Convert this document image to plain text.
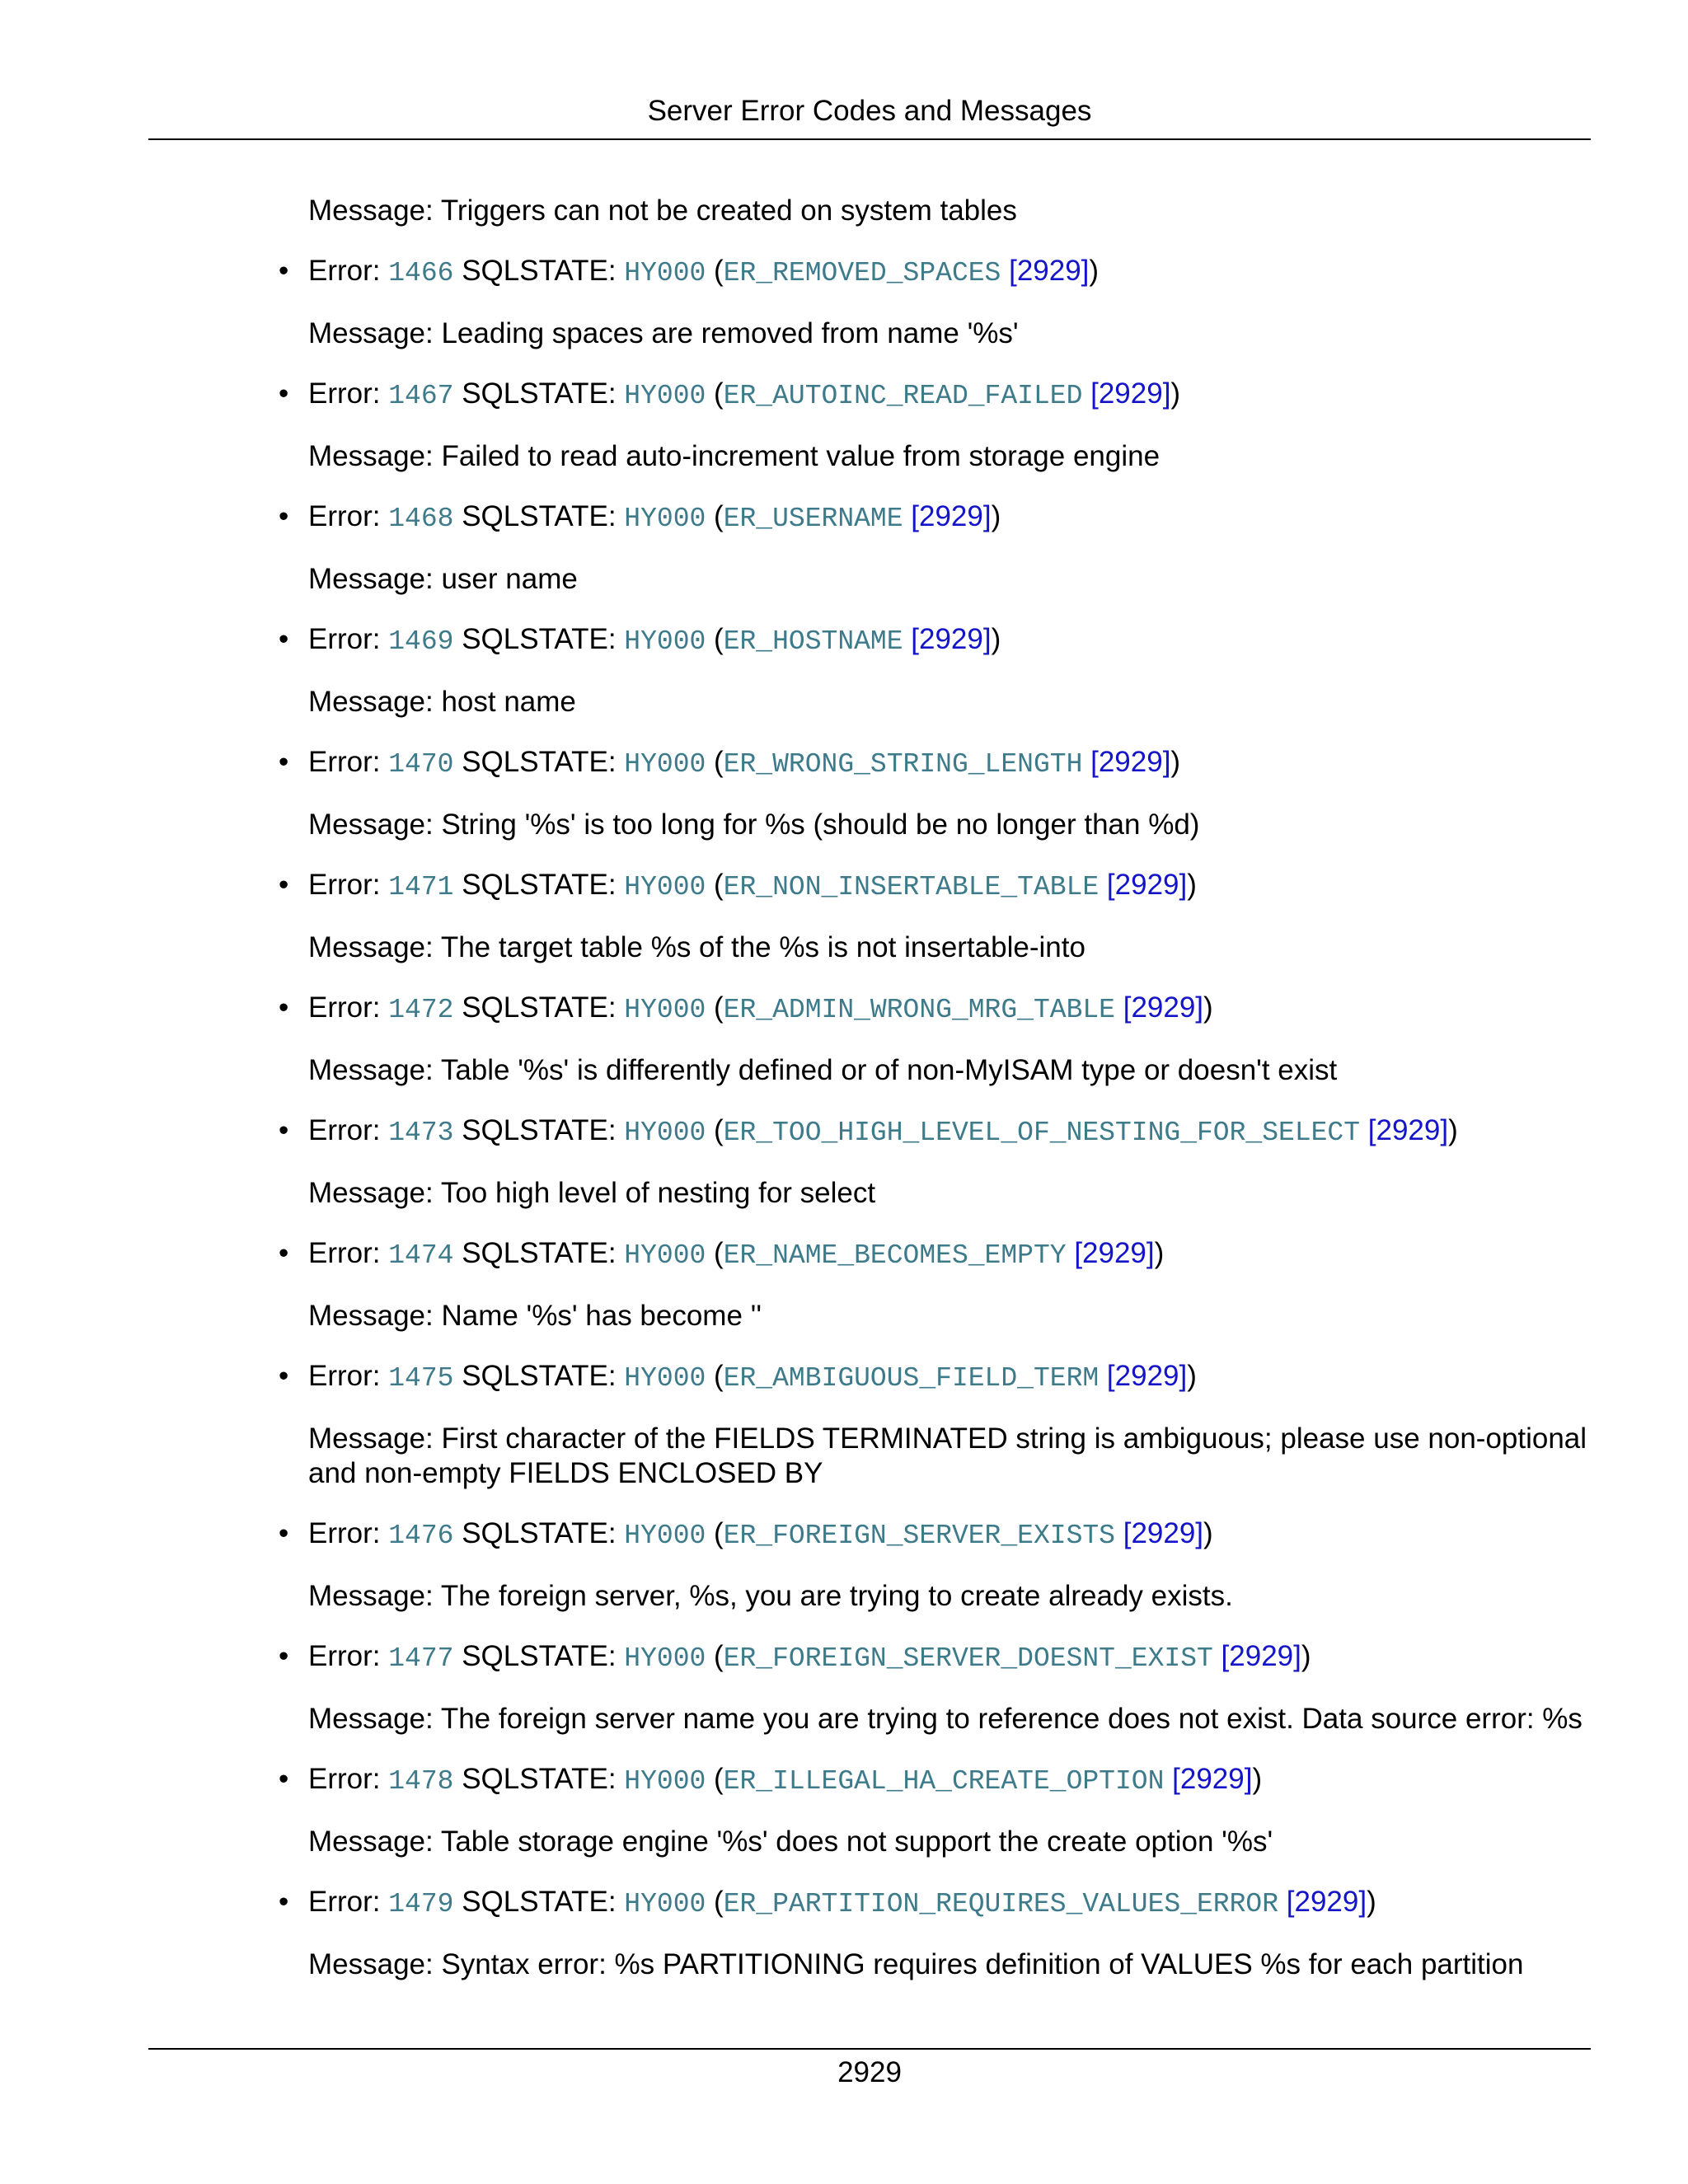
Server Error Codes and Messages

Message: Triggers can not be created on system tables

• Error: 1466 SQLSTATE: HY000 (ER_REMOVED_SPACES [2929])

Message: Leading spaces are removed from name '%s'

• Error: 1467 SQLSTATE: HY000 (ER_AUTOINC_READ_FAILED [2929])

Message: Failed to read auto-increment value from storage engine

• Error: 1468 SQLSTATE: HY000 (ER_USERNAME [2929])

Message: user name

• Error: 1469 SQLSTATE: HY000 (ER_HOSTNAME [2929])

Message: host name

• Error: 1470 SQLSTATE: HY000 (ER_WRONG_STRING_LENGTH [2929])

Message: String '%s' is too long for %s (should be no longer than %d)

• Error: 1471 SQLSTATE: HY000 (ER_NON_INSERTABLE_TABLE [2929])

Message: The target table %s of the %s is not insertable-into

• Error: 1472 SQLSTATE: HY000 (ER_ADMIN_WRONG_MRG_TABLE [2929])

Message: Table '%s' is differently defined or of non-MyISAM type or doesn't exist

• Error: 1473 SQLSTATE: HY000 (ER_TOO_HIGH_LEVEL_OF_NESTING_FOR_SELECT [2929])

Message: Too high level of nesting for select

• Error: 1474 SQLSTATE: HY000 (ER_NAME_BECOMES_EMPTY [2929])

Message: Name '%s' has become ''

• Error: 1475 SQLSTATE: HY000 (ER_AMBIGUOUS_FIELD_TERM [2929])

Message: First character of the FIELDS TERMINATED string is ambiguous; please use non-optional and non-empty FIELDS ENCLOSED BY

• Error: 1476 SQLSTATE: HY000 (ER_FOREIGN_SERVER_EXISTS [2929])

Message: The foreign server, %s, you are trying to create already exists.

• Error: 1477 SQLSTATE: HY000 (ER_FOREIGN_SERVER_DOESNT_EXIST [2929])

Message: The foreign server name you are trying to reference does not exist. Data source error: %s

• Error: 1478 SQLSTATE: HY000 (ER_ILLEGAL_HA_CREATE_OPTION [2929])

Message: Table storage engine '%s' does not support the create option '%s'

• Error: 1479 SQLSTATE: HY000 (ER_PARTITION_REQUIRES_VALUES_ERROR [2929])

Message: Syntax error: %s PARTITIONING requires definition of VALUES %s for each partition

2929
